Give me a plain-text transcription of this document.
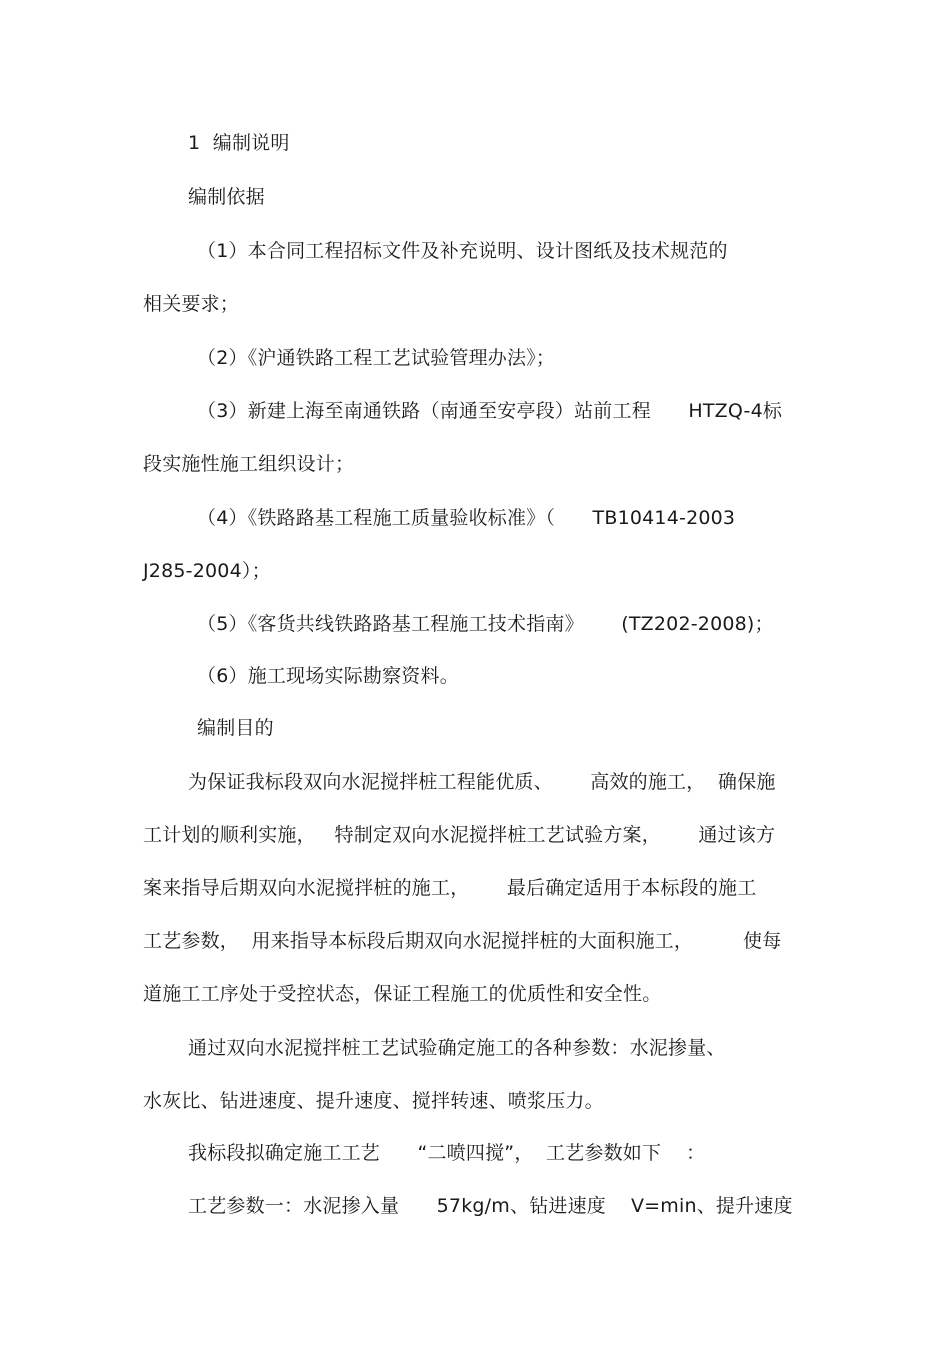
1  编制说明
编制依据
（1）本合同工程招标文件及补充说明、设计图纸及技术规范的
相关要求；
（2）《沪通铁路工程工艺试验管理办法》；
（3）新建上海至南通铁路（南通至安亭段）站前工程      HTZQ-4标
段实施性施工组织设计；
（4）《铁路路基工程施工质量验收标准》（      TB10414-2003
J285-2004）；
（5）《客货共线铁路路基工程施工技术指南》      (TZ202-2008)；
（6）施工现场实际勘察资料。
编制目的
为保证我标段双向水泥搅拌桩工程能优质、      高效的施工，  确保施
工计划的顺利实施，   特制定双向水泥搅拌桩工艺试验方案，      通过该方
案来指导后期双向水泥搅拌桩的施工，      最后确定适用于本标段的施工
工艺参数，  用来指导本标段后期双向水泥搅拌桩的大面积施工，        使每
道施工工序处于受控状态，保证工程施工的优质性和安全性。
通过双向水泥搅拌桩工艺试验确定施工的各种参数：水泥掺量、
水灰比、钻进速度、提升速度、搅拌转速、喷浆压力。
我标段拟确定施工工艺      “二喷四搅”，  工艺参数如下    ：
工艺参数一：水泥掺入量      57kg/m、钻进速度    V=min、提升速度
